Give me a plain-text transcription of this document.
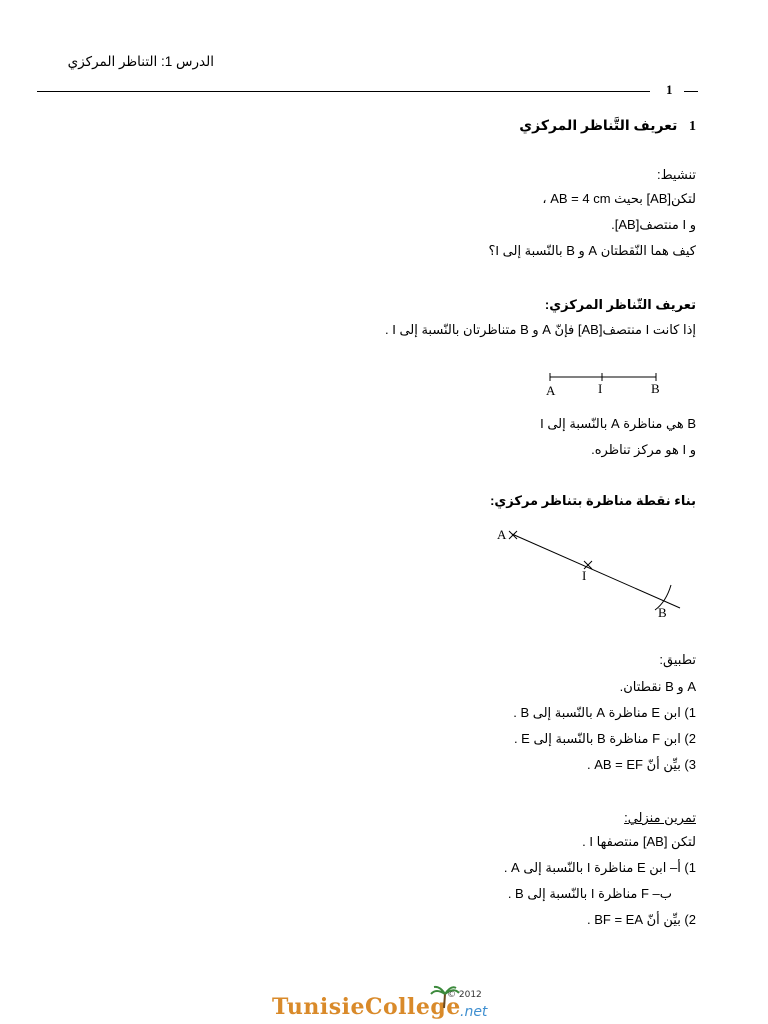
الدرس 1: التناظر المركزي
1
1   تعريف التَّناظر المركزي
تنشيط:
لتكن[AB] بحيث AB = 4 cm ،
و I منتصف[AB].
كيف هما النّقطتان A و B بالنّسبة إلى I؟
تعريف التّناظر المركزي:
إذا كانت I منتصف[AB] فإنّ A و B متناظرتان بالنّسبة إلى I .
A	I	B
B هي مناظرة A بالنّسبة إلى I
و I هو مركز تناظره.
بناء نقطة مناظرة بتناظر مركزي:
A
I
B
تطبيق:
A و B نقطتان.
1) ابن E مناظرة A بالنّسبة إلى B .
2) ابن F مناظرة B بالنّسبة إلى E .
3) بيِّن أنّ AB = EF .
تمرين منزلي:
لتكن [AB] منتصفها I .
1) أ– ابن E مناظرة I بالنّسبة إلى A .
ب– F مناظرة I بالنّسبة إلى B .
2) بيِّن أنّ BF = EA .
TunisieCollege .net
© 2012
